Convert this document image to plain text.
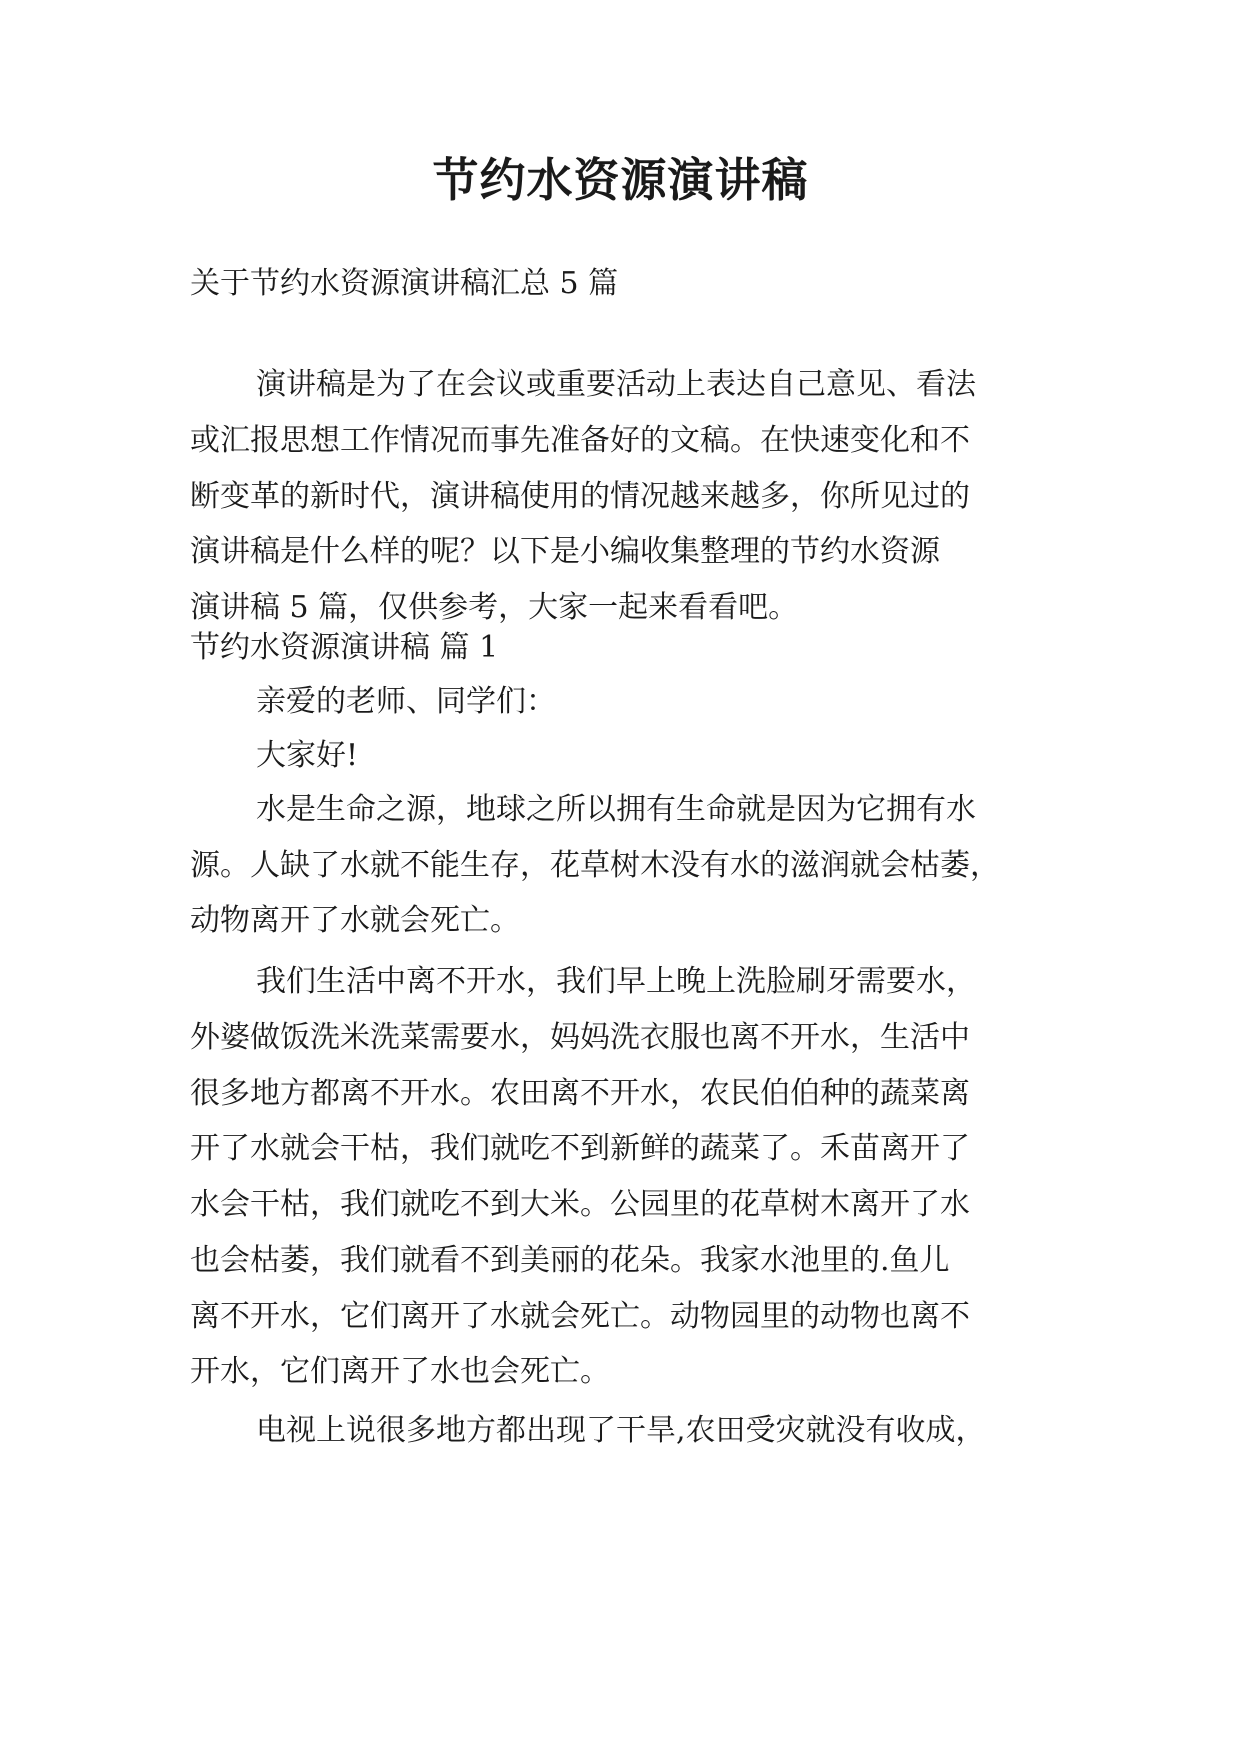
节约水资源演讲稿
关于节约水资源演讲稿汇总 5 篇
演讲稿是为了在会议或重要活动上表达自己意见、看法
或汇报思想工作情况而事先准备好的文稿。在快速变化和不
断变革的新时代，演讲稿使用的情况越来越多，你所见过的
演讲稿是什么样的呢？以下是小编收集整理的节约水资源
演讲稿 5 篇，仅供参考，大家一起来看看吧。
节约水资源演讲稿 篇 1
亲爱的老师、同学们：
大家好!
水是生命之源，地球之所以拥有生命就是因为它拥有水
源。人缺了水就不能生存，花草树木没有水的滋润就会枯萎，
动物离开了水就会死亡。
我们生活中离不开水，我们早上晚上洗脸刷牙需要水，
外婆做饭洗米洗菜需要水，妈妈洗衣服也离不开水，生活中
很多地方都离不开水。农田离不开水，农民伯伯种的蔬菜离
开了水就会干枯，我们就吃不到新鲜的蔬菜了。禾苗离开了
水会干枯，我们就吃不到大米。公园里的花草树木离开了水
也会枯萎，我们就看不到美丽的花朵。我家水池里的.鱼儿
离不开水，它们离开了水就会死亡。动物园里的动物也离不
开水，它们离开了水也会死亡。
电视上说很多地方都出现了干旱,农田受灾就没有收成，
